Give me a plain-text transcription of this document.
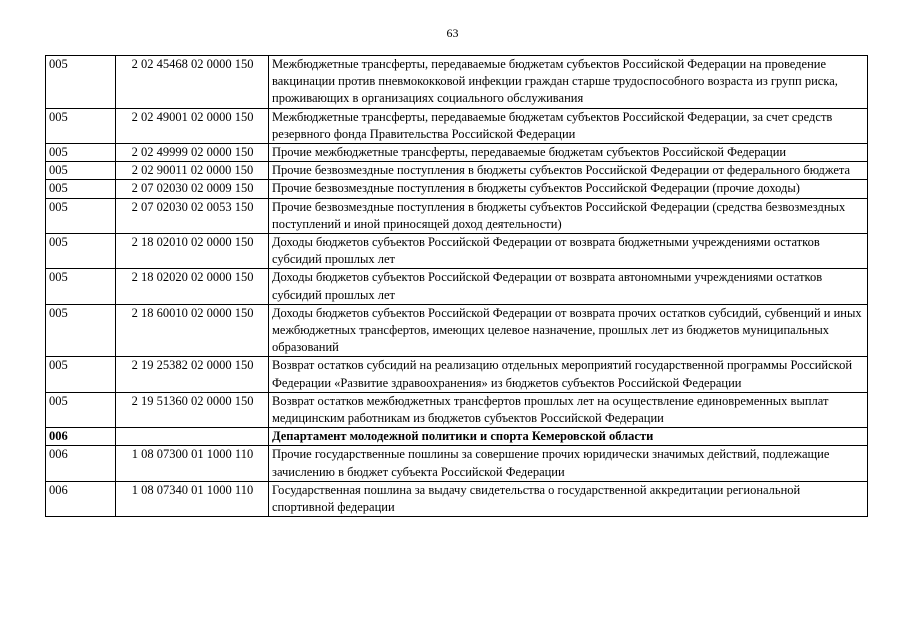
63
005	2 02 45468 02 0000 150	Межбюджетные трансферты, передаваемые бюджетам субъектов Российской Федерации на проведение вакцинации против пневмококковой инфекции граждан старше трудоспособного возраста из групп риска, проживающих в организациях социального обслуживания
005	2 02 49001 02 0000 150	Межбюджетные трансферты, передаваемые бюджетам субъектов Российской Федерации, за счет средств резервного фонда Правительства Российской Федерации
005	2 02 49999 02 0000 150	Прочие межбюджетные трансферты, передаваемые бюджетам субъектов Российской Федерации
005	2 02 90011 02 0000 150	Прочие безвозмездные поступления в бюджеты субъектов Российской Федерации от федерального бюджета
005	2 07 02030 02 0009 150	Прочие безвозмездные поступления в бюджеты субъектов Российской Федерации (прочие доходы)
005	2 07 02030 02 0053 150	Прочие безвозмездные поступления в бюджеты субъектов Российской Федерации (средства безвозмездных поступлений и иной приносящей доход деятельности)
005	2 18 02010 02 0000 150	Доходы бюджетов субъектов Российской Федерации от возврата бюджетными учреждениями остатков субсидий прошлых лет
005	2 18 02020 02 0000 150	Доходы бюджетов субъектов Российской Федерации от возврата автономными учреждениями остатков субсидий прошлых лет
005	2 18 60010 02 0000 150	Доходы бюджетов субъектов Российской Федерации от возврата прочих остатков субсидий, субвенций и иных межбюджетных трансфертов, имеющих целевое назначение, прошлых лет из бюджетов муниципальных образований
005	2 19 25382 02 0000 150	Возврат остатков субсидий на реализацию отдельных мероприятий государственной программы Российской Федерации «Развитие здравоохранения» из бюджетов субъектов Российской Федерации
005	2 19 51360 02 0000 150	Возврат остатков межбюджетных трансфертов прошлых лет на осуществление единовременных выплат медицинским работникам из бюджетов субъектов Российской Федерации
006		Департамент молодежной политики и спорта Кемеровской области
006	1 08 07300 01 1000 110	Прочие государственные пошлины за совершение прочих юридически значимых действий, подлежащие зачислению в бюджет субъекта Российской Федерации
006	1 08 07340 01 1000 110	Государственная пошлина за выдачу свидетельства о государственной аккредитации региональной спортивной федерации
